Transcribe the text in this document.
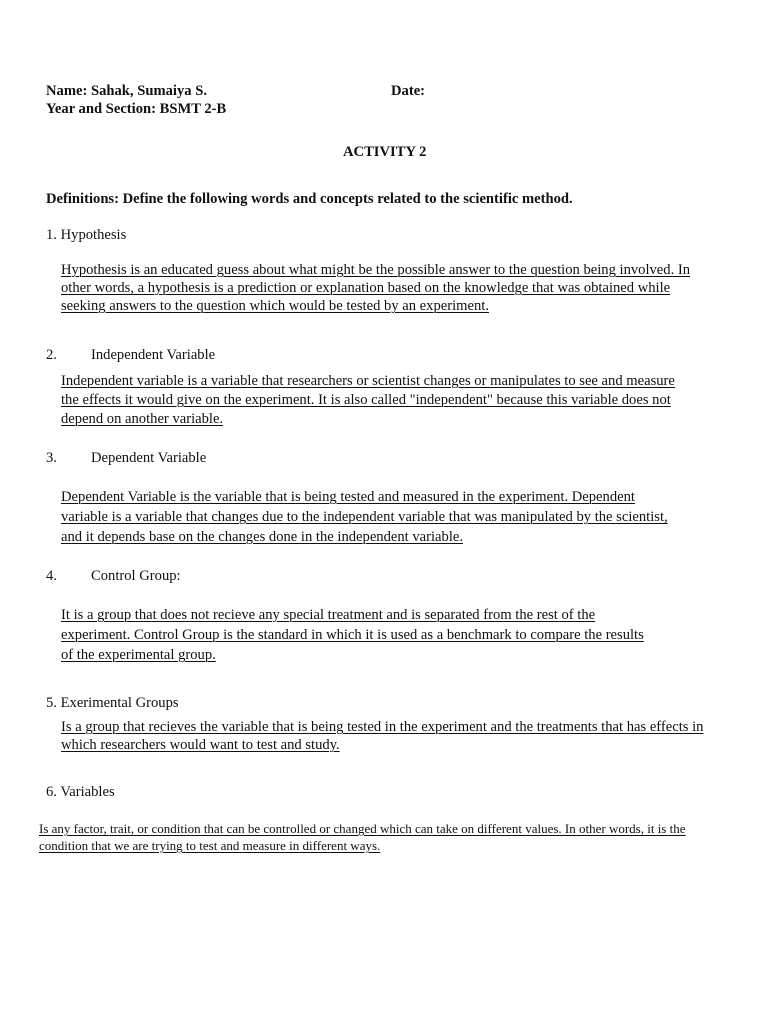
Name: Sahak, Sumaiya S.	Date:
Year and Section: BSMT 2-B
ACTIVITY 2
Definitions: Define the following words and concepts related to the scientific method.
1. Hypothesis
Hypothesis is an educated guess about what might be the possible answer to the question being involved. In
other words, a hypothesis is a prediction or explanation based on the knowledge that was obtained while
seeking answers to the question which would be tested by an experiment.
2. Independent Variable
Independent variable is a variable that researchers or scientist changes or manipulates to see and measure
the effects it would give on the experiment. It is also called "independent" because this variable does not
depend on another variable.
3. Dependent Variable
Dependent Variable is the variable that is being tested and measured in the experiment. Dependent
variable is a variable that changes due to the independent variable that was manipulated by the scientist,
and it depends base on the changes done in the independent variable.
4. Control Group:
It is a group that does not recieve any special treatment and is separated from the rest of the
experiment. Control Group is the standard in which it is used as a benchmark to compare the results
of the experimental group.
5. Exerimental Groups
Is a group that recieves the variable that is being tested in the experiment and the treatments that has effects in
which researchers would want to test and study.
6. Variables
Is any factor, trait, or condition that can be controlled or changed which can take on different values. In other words, it is the
condition that we are trying to test and measure in different ways.
